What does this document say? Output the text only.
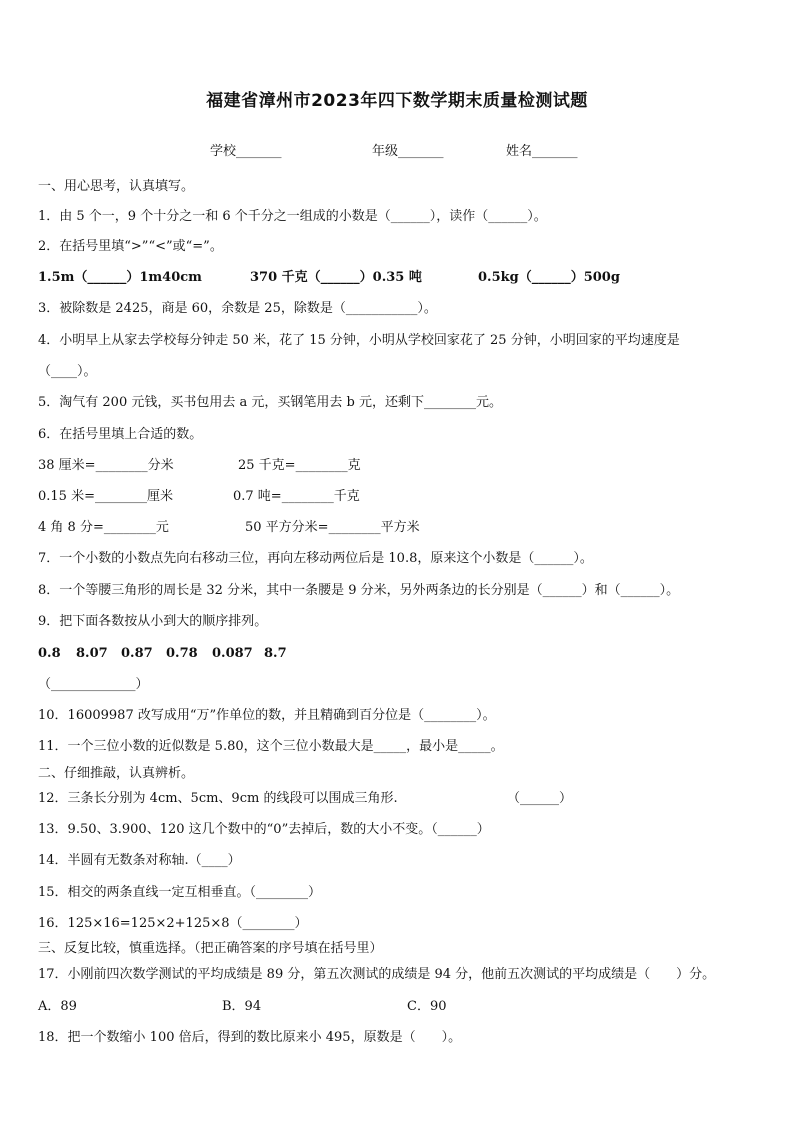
福建省漳州市2023年四下数学期末质量检测试题
学校_______	年级_______	姓名_______
一、用心思考，认真填写。
1．由 5 个一，9 个十分之一和 6 个千分之一组成的小数是（______），读作（______）。
2．在括号里填“>”“<”或“=”。
1.5m（______）1m40cm	370 千克（______）0.35 吨	0.5kg（______）500g
3．被除数是 2425，商是 60，余数是 25，除数是（___________）。
4．小明早上从家去学校每分钟走 50 米，花了 15 分钟，小明从学校回家花了 25 分钟，小明回家的平均速度是
（____）。
5．淘气有 200 元钱，买书包用去 a 元，买钢笔用去 b 元，还剩下________元。
6．在括号里填上合适的数。
38 厘米=________分米	25 千克=________克
0.15 米=________厘米	0.7 吨=________千克
4 角 8 分=________元	50 平方分米=________平方米
7．一个小数的小数点先向右移动三位，再向左移动两位后是 10.8，原来这个小数是（______）。
8．一个等腰三角形的周长是 32 分米，其中一条腰是 9 分米，另外两条边的长分别是（______）和（______）。
9．把下面各数按从小到大的顺序排列。
0.8 8.07 0.87 0.78 0.087 8.7
（_____________）
10．16009987 改写成用“万”作单位的数，并且精确到百分位是（________）。
11．一个三位小数的近似数是 5.80，这个三位小数最大是_____，最小是_____。
二、仔细推敲，认真辨析。
12．三条长分别为 4cm、5cm、9cm 的线段可以围成三角形.	（______）
13．9.50、3.900、120 这几个数中的“0”去掉后，数的大小不变。（______）
14．半圆有无数条对称轴.（____）
15．相交的两条直线一定互相垂直。（________）
16．125×16=125×2+125×8（________）
三、反复比较，慎重选择。（把正确答案的序号填在括号里）
17．小刚前四次数学测试的平均成绩是 89 分，第五次测试的成绩是 94 分，他前五次测试的平均成绩是（　　）分。
A．89	B．94	C．90
18．把一个数缩小 100 倍后，得到的数比原来小 495，原数是（　　）。
